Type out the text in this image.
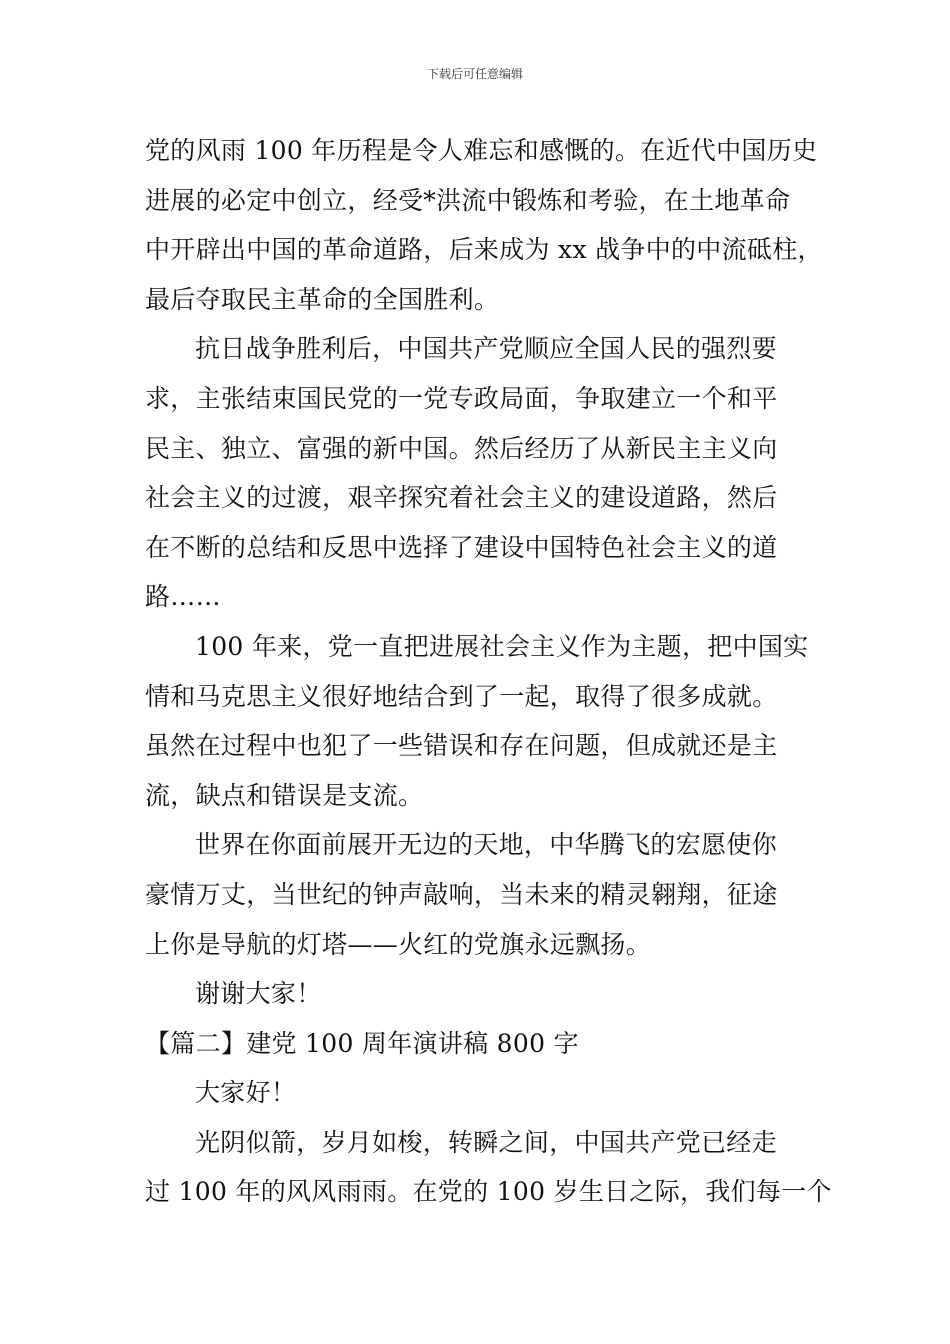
下载后可任意编辑
党的风雨 100 年历程是令人难忘和感慨的。在近代中国历史
进展的必定中创立，经受*洪流中锻炼和考验，在土地革命
中开辟出中国的革命道路，后来成为 xx 战争中的中流砥柱，
最后夺取民主革命的全国胜利。
抗日战争胜利后，中国共产党顺应全国人民的强烈要
求，主张结束国民党的一党专政局面，争取建立一个和平
民主、独立、富强的新中国。然后经历了从新民主主义向
社会主义的过渡，艰辛探究着社会主义的建设道路，然后
在不断的总结和反思中选择了建设中国特色社会主义的道
路……
100 年来，党一直把进展社会主义作为主题，把中国实
情和马克思主义很好地结合到了一起，取得了很多成就。
虽然在过程中也犯了一些错误和存在问题，但成就还是主
流，缺点和错误是支流。
世界在你面前展开无边的天地，中华腾飞的宏愿使你
豪情万丈，当世纪的钟声敲响，当未来的精灵翱翔，征途
上你是导航的灯塔——火红的党旗永远飘扬。
谢谢大家！
【篇二】建党 100 周年演讲稿 800 字
大家好！
光阴似箭，岁月如梭，转瞬之间，中国共产党已经走
过 100 年的风风雨雨。在党的 100 岁生日之际，我们每一个
